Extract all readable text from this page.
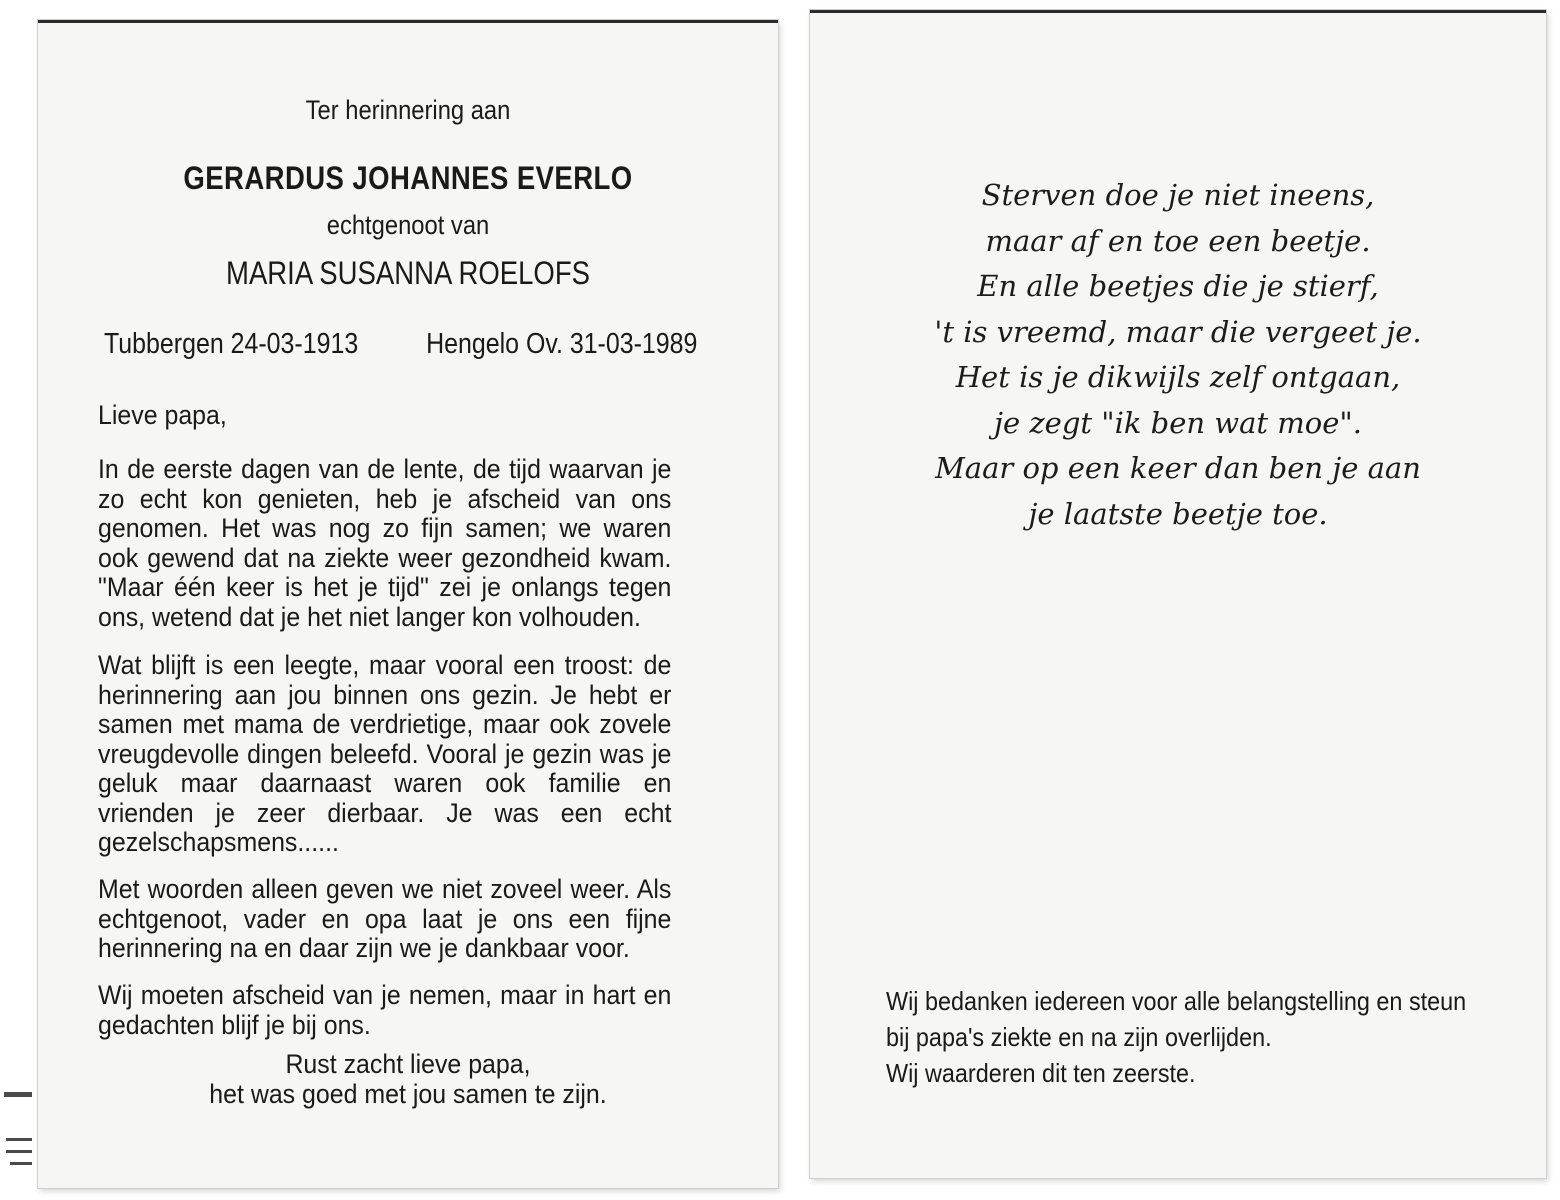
Ter herinnering aan
GERARDUS JOHANNES EVERLO
echtgenoot van
MARIA SUSANNA ROELOFS
Tubbergen 24-03-1913 Hengelo Ov. 31-03-1989
Lieve papa,

In de eerste dagen van de lente, de tijd waarvan je zo echt kon genieten, heb je afscheid van ons genomen. Het was nog zo fijn samen; we waren ook gewend dat na ziekte weer gezondheid kwam. "Maar één keer is het je tijd" zei je onlangs tegen ons, wetend dat je het niet langer kon volhouden.

Wat blijft is een leegte, maar vooral een troost: de herinnering aan jou binnen ons gezin. Je hebt er samen met mama de verdrietige, maar ook zovele vreugdevolle dingen beleefd. Vooral je gezin was je geluk maar daarnaast waren ook familie en vrienden je zeer dierbaar. Je was een echt gezelschapsmens......

Met woorden alleen geven we niet zoveel weer. Als echtgenoot, vader en opa laat je ons een fijne herinnering na en daar zijn we je dankbaar voor.

Wij moeten afscheid van je nemen, maar in hart en gedachten blijf je bij ons.

Rust zacht lieve papa,
het was goed met jou samen te zijn.
Sterven doe je niet ineens,
maar af en toe een beetje.
En alle beetjes die je stierf,
't is vreemd, maar die vergeet je.
Het is je dikwijls zelf ontgaan,
je zegt "ik ben wat moe".
Maar op een keer dan ben je aan
je laatste beetje toe.
Wij bedanken iedereen voor alle belangstelling en steun
bij papa's ziekte en na zijn overlijden.
Wij waarderen dit ten zeerste.
